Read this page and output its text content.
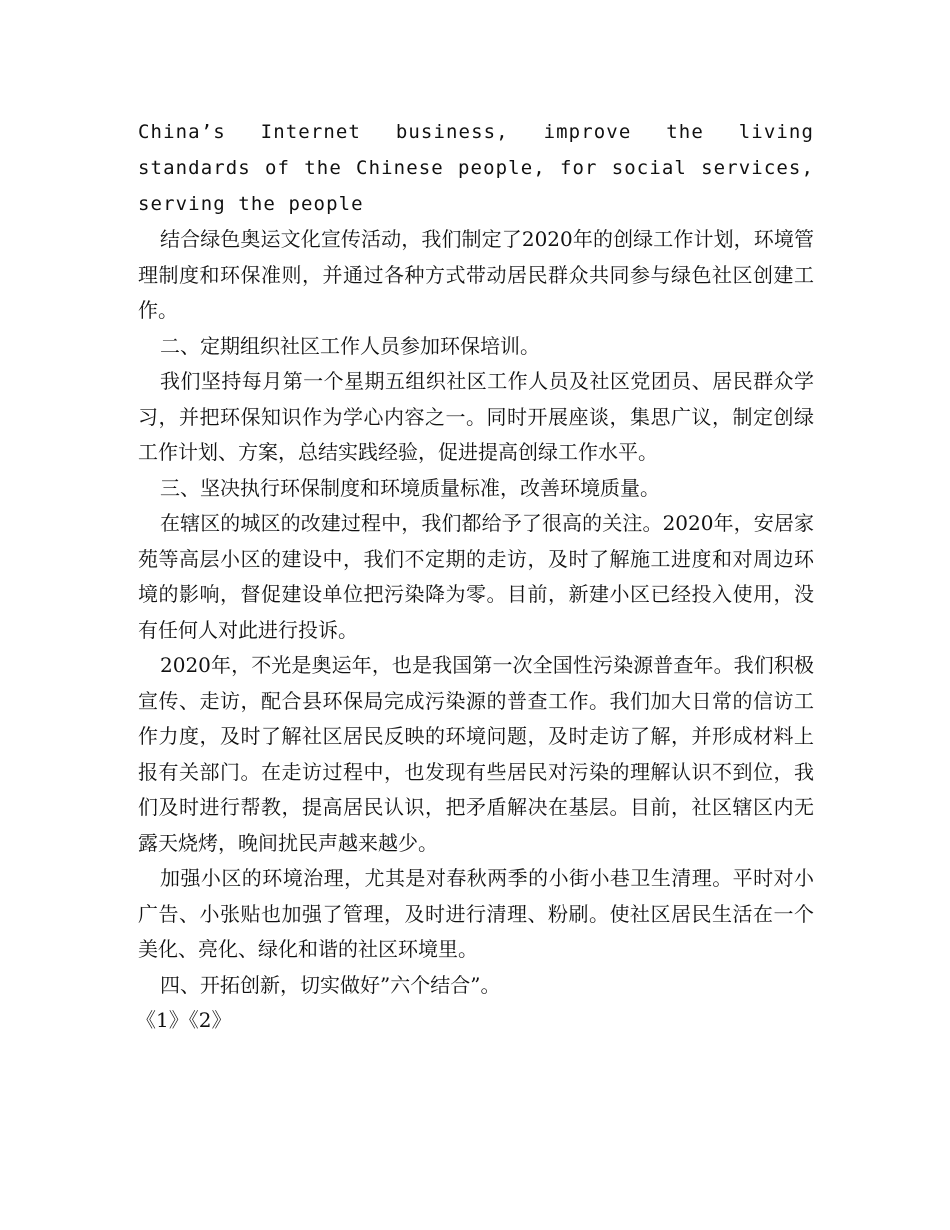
China’s Internet business, improve the living standards of the Chinese people, for social services, serving the people

结合绿色奥运文化宣传活动，我们制定了2020年的创绿工作计划，环境管理制度和环保准则，并通过各种方式带动居民群众共同参与绿色社区创建工作。

二、定期组织社区工作人员参加环保培训。

我们坚持每月第一个星期五组织社区工作人员及社区党团员、居民群众学习，并把环保知识作为学心内容之一。同时开展座谈，集思广议，制定创绿工作计划、方案，总结实践经验，促进提高创绿工作水平。

三、坚决执行环保制度和环境质量标准，改善环境质量。

在辖区的城区的改建过程中，我们都给予了很高的关注。2020年，安居家苑等高层小区的建设中，我们不定期的走访，及时了解施工进度和对周边环境的影响，督促建设单位把污染降为零。目前，新建小区已经投入使用，没有任何人对此进行投诉。

2020年，不光是奥运年，也是我国第一次全国性污染源普查年。我们积极宣传、走访，配合县环保局完成污染源的普查工作。我们加大日常的信访工作力度，及时了解社区居民反映的环境问题，及时走访了解，并形成材料上报有关部门。在走访过程中，也发现有些居民对污染的理解认识不到位，我们及时进行帮教，提高居民认识，把矛盾解决在基层。目前，社区辖区内无露天烧烤，晚间扰民声越来越少。

加强小区的环境治理，尤其是对春秋两季的小街小巷卫生清理。平时对小广告、小张贴也加强了管理，及时进行清理、粉刷。使社区居民生活在一个美化、亮化、绿化和谐的社区环境里。

四、开拓创新，切实做好”六个结合”。

《1》《2》
